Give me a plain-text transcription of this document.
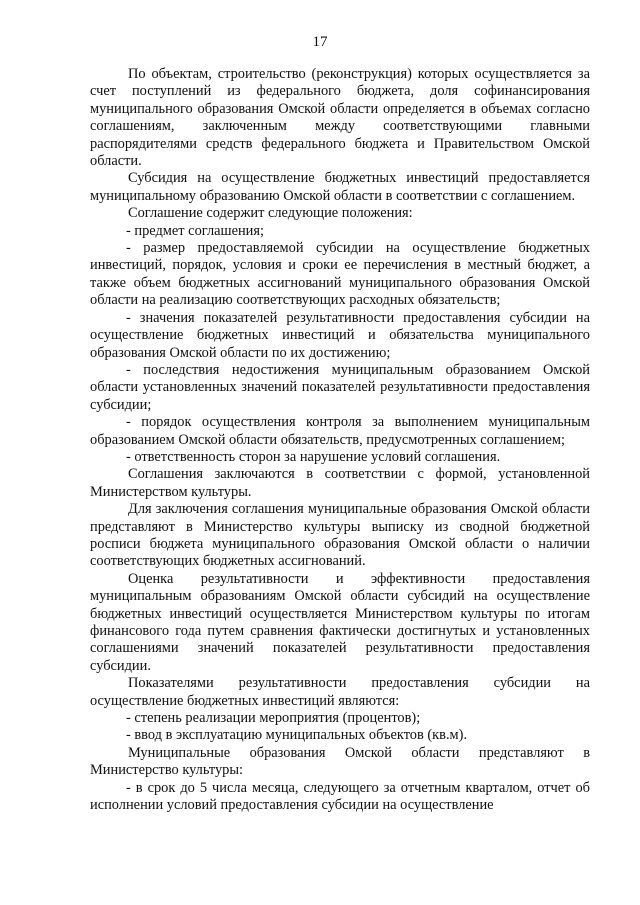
17

По объектам, строительство (реконструкция) которых осуществляется за счет поступлений из федерального бюджета, доля софинансирования муниципального образования Омской области определяется в объемах согласно соглашениям, заключенным между соответствующими главными распорядителями средств федерального бюджета и Правительством Омской области.

Субсидия на осуществление бюджетных инвестиций предоставляется муниципальному образованию Омской области в соответствии с соглашением.

Соглашение содержит следующие положения:

- предмет соглашения;

- размер предоставляемой субсидии на осуществление бюджетных инвестиций, порядок, условия и сроки ее перечисления в местный бюджет, а также объем бюджетных ассигнований муниципального образования Омской области на реализацию соответствующих расходных обязательств;

- значения показателей результативности предоставления субсидии на осуществление бюджетных инвестиций и обязательства муниципального образования Омской области по их достижению;

- последствия недостижения муниципальным образованием Омской области установленных значений показателей результативности предоставления субсидии;

- порядок осуществления контроля за выполнением муниципальным образованием Омской области обязательств, предусмотренных соглашением;

- ответственность сторон за нарушение условий соглашения.

Соглашения заключаются в соответствии с формой, установленной Министерством культуры.

Для заключения соглашения муниципальные образования Омской области представляют в Министерство культуры выписку из сводной бюджетной росписи бюджета муниципального образования Омской области о наличии соответствующих бюджетных ассигнований.

Оценка результативности и эффективности предоставления муниципальным образованиям Омской области субсидий на осуществление бюджетных инвестиций осуществляется Министерством культуры по итогам финансового года путем сравнения фактически достигнутых и установленных соглашениями значений показателей результативности предоставления субсидии.

Показателями результативности предоставления субсидии на осуществление бюджетных инвестиций являются:

- степень реализации мероприятия (процентов);

- ввод в эксплуатацию муниципальных объектов (кв.м).

Муниципальные образования Омской области представляют в Министерство культуры:

- в срок до 5 числа месяца, следующего за отчетным кварталом, отчет об исполнении условий предоставления субсидии на осуществление
